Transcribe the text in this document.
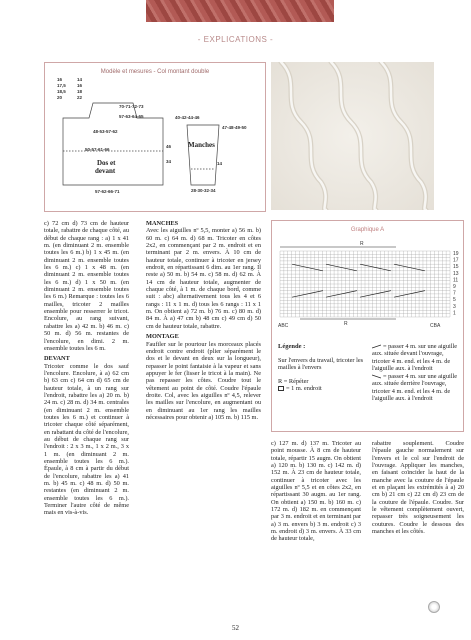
- EXPLICATIONS -
Modèle et mesures - Col montant double
16
17,5
18,5
20
14
16
18
22
70-71-72-73
57-63-64-65
48-53-57-62
46
34
50-57-61-66
Dos et
devant
57-62-66-71
40-42-44-46
Manches
47-48-49-50
14
28-30-32-34
c) 72 cm d) 73 cm de hauteur totale, rabattre de chaque côté, au début de chaque rang : a) 1 x 41 m. (en diminuant 2 m. ensemble toutes les 6 m.) b) 1 x 45 m. (en diminuant 2 m. ensemble toutes les 6 m.) c) 1 x 48 m. (en diminuant 2 m. ensemble toutes les 6 m.) d) 1 x 50 m. (en diminuant 2 m. ensemble toutes les 6 m.) Remarque : toutes les 6 mailles, tricoter 2 mailles ensemble pour resserrer le tricot. Encolure, au rang suivant, rabattre les a) 42 m. b) 46 m. c) 50 m. d) 56 m. restantes de l'encolure, en dimi. 2 m. ensemble toutes les 6 m.
DEVANT
Tricoter comme le dos sauf l'encolure. Encolure, à a) 62 cm b) 63 cm c) 64 cm d) 65 cm de hauteur totale, à un rang sur l'endroit, rabattre les a) 20 m. b) 24 m. c) 28 m. d) 34 m. centrales (en diminuant 2 m. ensemble toutes les 6 m.) et continuer à tricoter chaque côté séparément, en rabattant du côté de l'encolure, au début de chaque rang sur l'endroit : 2 x 3 m., 1 x 2 m., 3 x 1 m. (en diminuant 2 m. ensemble toutes les 6 m.). Épaule, à 8 cm à partir du début de l'encolure, rabattre les a) 41 m. b) 45 m. c) 48 m. d) 50 m. restantes (en diminuant 2 m. ensemble toutes les 6 m.). Terminer l'autre côté de même mais en vis-à-vis.
MANCHES
Avec les aiguilles nº 5,5, monter a) 56 m. b) 60 m. c) 64 m. d) 68 m. Tricoter en côtes 2x2, en commençant par 2 m. endroit et en terminant par 2 m. envers. À 10 cm de hauteur totale, continuer à tricoter en jersey endroit, en répartissant 6 dim. au 1er rang. Il reste a) 50 m. b) 54 m. c) 58 m. d) 62 m. À 14 cm de hauteur totale, augmenter de chaque côté, à 1 m. de chaque bord, comme suit : abc) alternativement tous les 4 et 6 rangs : 11 x 1 m. d) tous les 6 rangs : 11 x 1 m. On obtient a) 72 m. b) 76 m. c) 80 m. d) 84 m. À a) 47 cm b) 48 cm c) 49 cm d) 50 cm de hauteur totale, rabattre.
MONTAGE
Faufiler sur le pourtour les morceaux placés endroit contre endroit (plier séparément le dos et le devant en deux sur la longueur), repasser le point fantaisie à la vapeur et sans appuyer le fer (lisser le tricot à la main). Ne pas repasser les côtes. Coudre tout le vêtement au point de côté. Coudre l'épaule droite. Col, avec les aiguilles nº 4,5, relever les mailles sur l'encolure, en augmentant ou en diminuant au 1er rang les mailles nécessaires pour obtenir a) 105 m. b) 115 m.
Graphique A
R
R
ABC	CBA
19
17
15
13
11
9
7
5
3
1
Légende :
Sur l'envers du travail, tricoter les mailles à l'envers
R = Répéter
= 1 m. endroit
= passer 4 m. sur une aiguille aux. située devant l'ouvrage, tricoter 4 m. end. et les 4 m. de l'aiguille aux. à l'endroit
= passer 4 m. sur une aiguille aux. située derrière l'ouvrage, tricoter 4 m. end. et les 4 m. de l'aiguille aux. à l'endroit
c) 127 m. d) 137 m. Tricoter au point mousse. À 8 cm de hauteur totale, répartir 15 augm. On obtient a) 120 m. b) 130 m. c) 142 m. d) 152 m. À 23 cm de hauteur totale, continuer à tricoter avec les aiguilles nº 5,5 et en côtes 2x2, en répartissant 30 augm. au 1er rang. On obtient a) 150 m. b) 160 m. c) 172 m. d) 182 m. en commençant par 3 m. endroit et en terminant par a) 3 m. envers b) 3 m. endroit c) 3 m. endroit d) 3 m. envers. À 33 cm de hauteur totale,
rabattre souplement. Coudre l'épaule gauche normalement sur l'envers et le col sur l'endroit de l'ouvrage. Appliquer les manches, en faisant coïncider la haut de la manche avec la couture de l'épaule et en plaçant les extrémités à a) 20 cm b) 21 cm c) 22 cm d) 23 cm de la couture de l'épaule. Coudre. Sur le vêtement complètement ouvert, repasser très soigneusement les coutures. Coudre le dessous des manches et les côtés.
52
